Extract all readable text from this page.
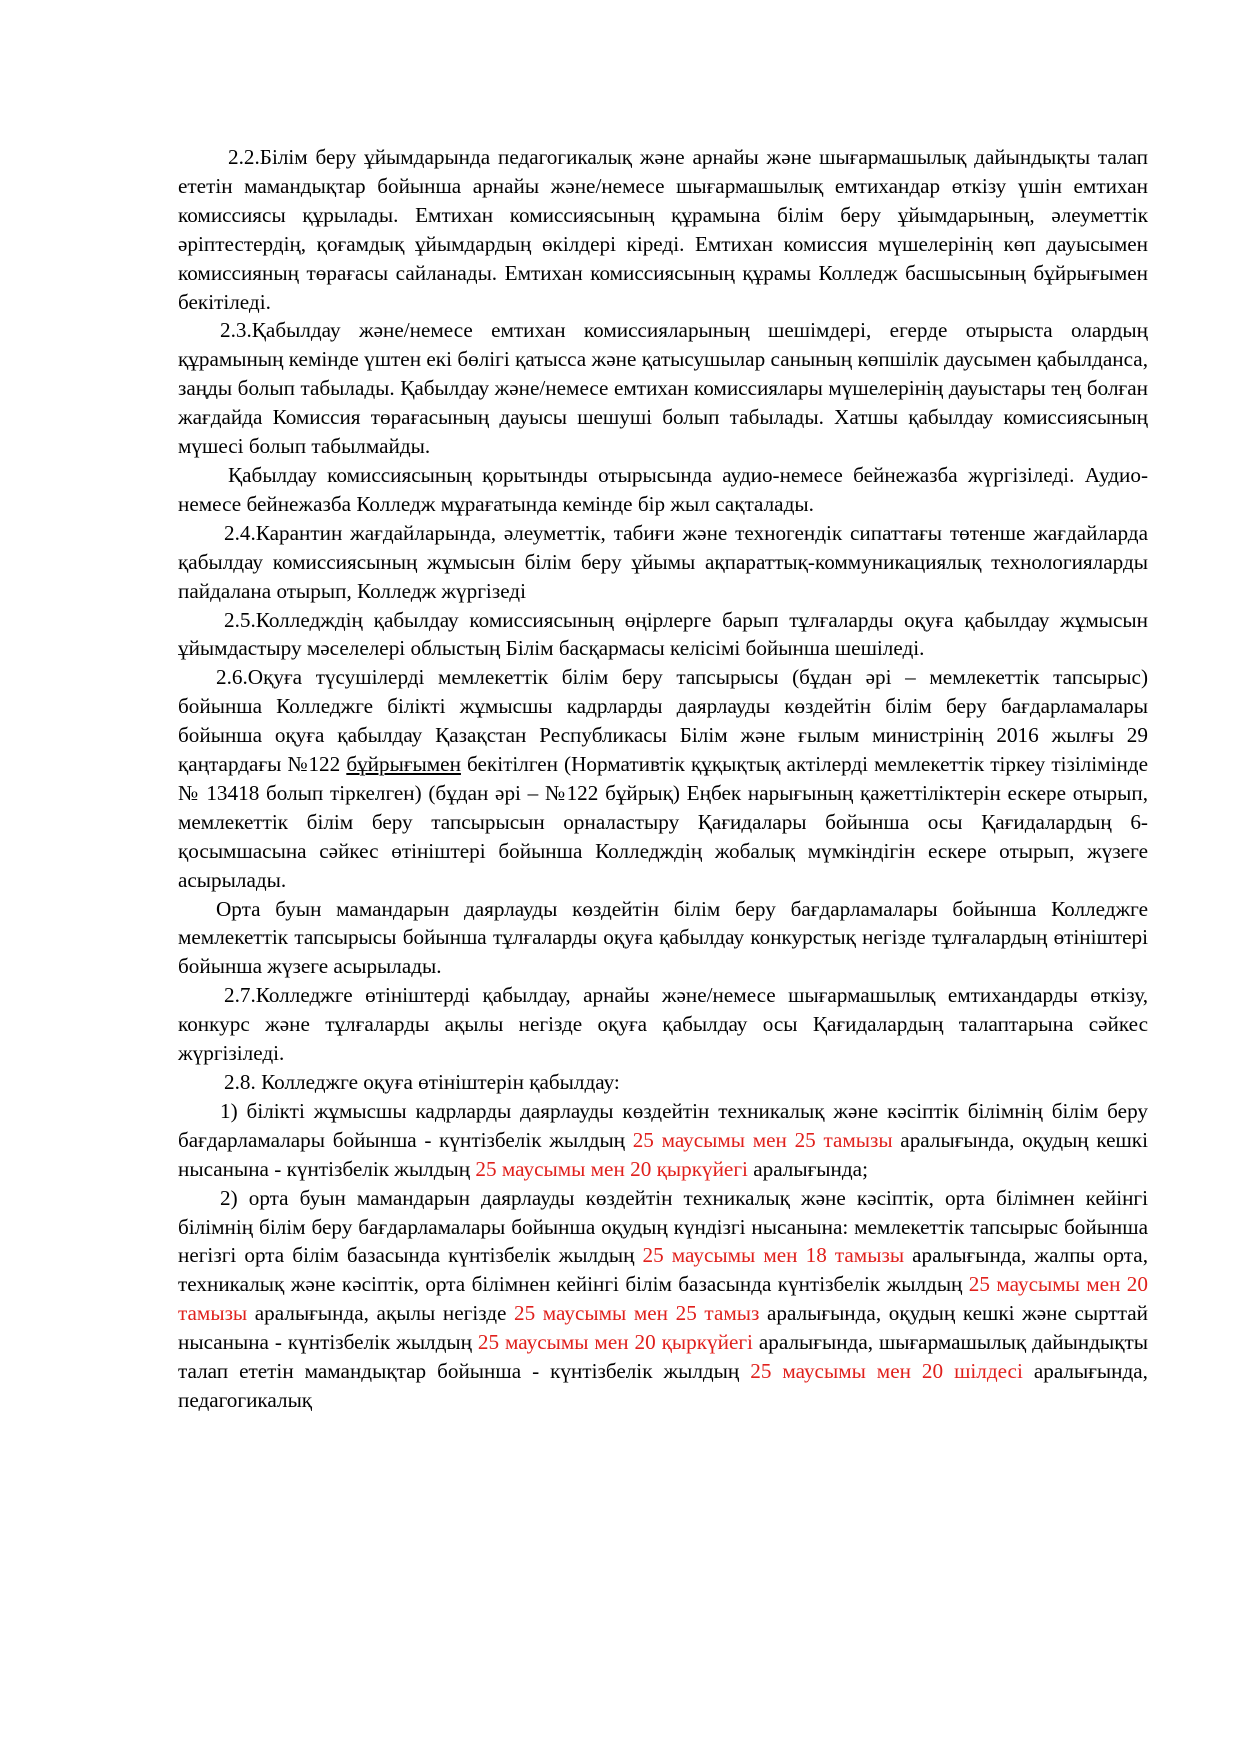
2.2.Білім беру ұйымдарында педагогикалық және арнайы және шығармашылық дайындықты талап ететін мамандықтар бойынша арнайы және/немесе шығармашылық емтихандар өткізу үшін емтихан комиссиясы құрылады. Емтихан комиссиясының құрамына білім беру ұйымдарының, әлеуметтік әріптестердің, қоғамдық ұйымдардың өкілдері кіреді. Емтихан комиссия мүшелерінің көп дауысымен комиссияның төрағасы сайланады. Емтихан комиссиясының құрамы Колледж басшысының бұйрығымен бекітіледі.

2.3.Қабылдау және/немесе емтихан комиссияларының шешімдері, егерде отырыста олардың құрамының кемінде үштен екі бөлігі қатысса және қатысушылар санының көпшілік даусымен қабылданса, заңды болып табылады. Қабылдау және/немесе емтихан комиссиялары мүшелерінің дауыстары тең болған жағдайда Комиссия төрағасының дауысы шешуші болып табылады. Хатшы қабылдау комиссиясының мүшесі болып табылмайды.

Қабылдау комиссиясының қорытынды отырысында аудио-немесе бейнежазба жүргізіледі. Аудио-немесе бейнежазба Колледж мұрағатында кемінде бір жыл сақталады.

2.4.Карантин жағдайларында, әлеуметтік, табиғи және техногендік сипаттағы төтенше жағдайларда қабылдау комиссиясының жұмысын білім беру ұйымы ақпараттық-коммуникациялық технологияларды пайдалана отырып, Колледж жүргізеді

2.5.Колледждің қабылдау комиссиясының өңірлерге барып тұлғаларды оқуға қабылдау жұмысын ұйымдастыру мәселелері облыстың Білім басқармасы келісімі бойынша шешіледі.

2.6.Оқуға түсушілерді мемлекеттік білім беру тапсырысы (бұдан әрі – мемлекеттік тапсырыс) бойынша Колледжге білікті жұмысшы кадрларды даярлауды көздейтін білім беру бағдарламалары бойынша оқуға қабылдау Қазақстан Республикасы Білім және ғылым министрінің 2016 жылғы 29 қаңтардағы №122 бұйрығымен бекітілген (Нормативтік құқықтық актілерді мемлекеттік тіркеу тізілімінде № 13418 болып тіркелген) (бұдан әрі – №122 бұйрық) Еңбек нарығының қажеттіліктерін ескере отырып, мемлекеттік білім беру тапсырысын орналастыру Қағидалары бойынша осы Қағидалардың 6-қосымшасына сәйкес өтініштері бойынша Колледждің жобалық мүмкіндігін ескере отырып, жүзеге асырылады.

Орта буын мамандарын даярлауды көздейтін білім беру бағдарламалары бойынша Колледжге мемлекеттік тапсырысы бойынша тұлғаларды оқуға қабылдау конкурстық негізде тұлғалардың өтініштері бойынша жүзеге асырылады.

2.7.Колледжге өтініштерді қабылдау, арнайы және/немесе шығармашылық емтихандарды өткізу, конкурс және тұлғаларды ақылы негізде оқуға қабылдау осы Қағидалардың талаптарына сәйкес жүргізіледі.

2.8. Колледжге оқуға өтініштерін қабылдау:

1) білікті жұмысшы кадрларды даярлауды көздейтін техникалық және кәсіптік білімнің білім беру бағдарламалары бойынша - күнтізбелік жылдың 25 маусымы мен 25 тамызы аралығында, оқудың кешкі нысанына - күнтізбелік жылдың 25 маусымы мен 20 қыркүйегі аралығында;

2) орта буын мамандарын даярлауды көздейтін техникалық және кәсіптік, орта білімнен кейінгі білімнің білім беру бағдарламалары бойынша оқудың күндізгі нысанына: мемлекеттік тапсырыс бойынша негізгі орта білім базасында күнтізбелік жылдың 25 маусымы мен 18 тамызы аралығында, жалпы орта, техникалық және кәсіптік, орта білімнен кейінгі білім базасында күнтізбелік жылдың 25 маусымы мен 20 тамызы аралығында, ақылы негізде 25 маусымы мен 25 тамыз аралығында, оқудың кешкі және сырттай нысанына - күнтізбелік жылдың 25 маусымы мен 20 қыркүйегі аралығында, шығармашылық дайындықты талап ететін мамандықтар бойынша - күнтізбелік жылдың 25 маусымы мен 20 шілдесі аралығында, педагогикалық
